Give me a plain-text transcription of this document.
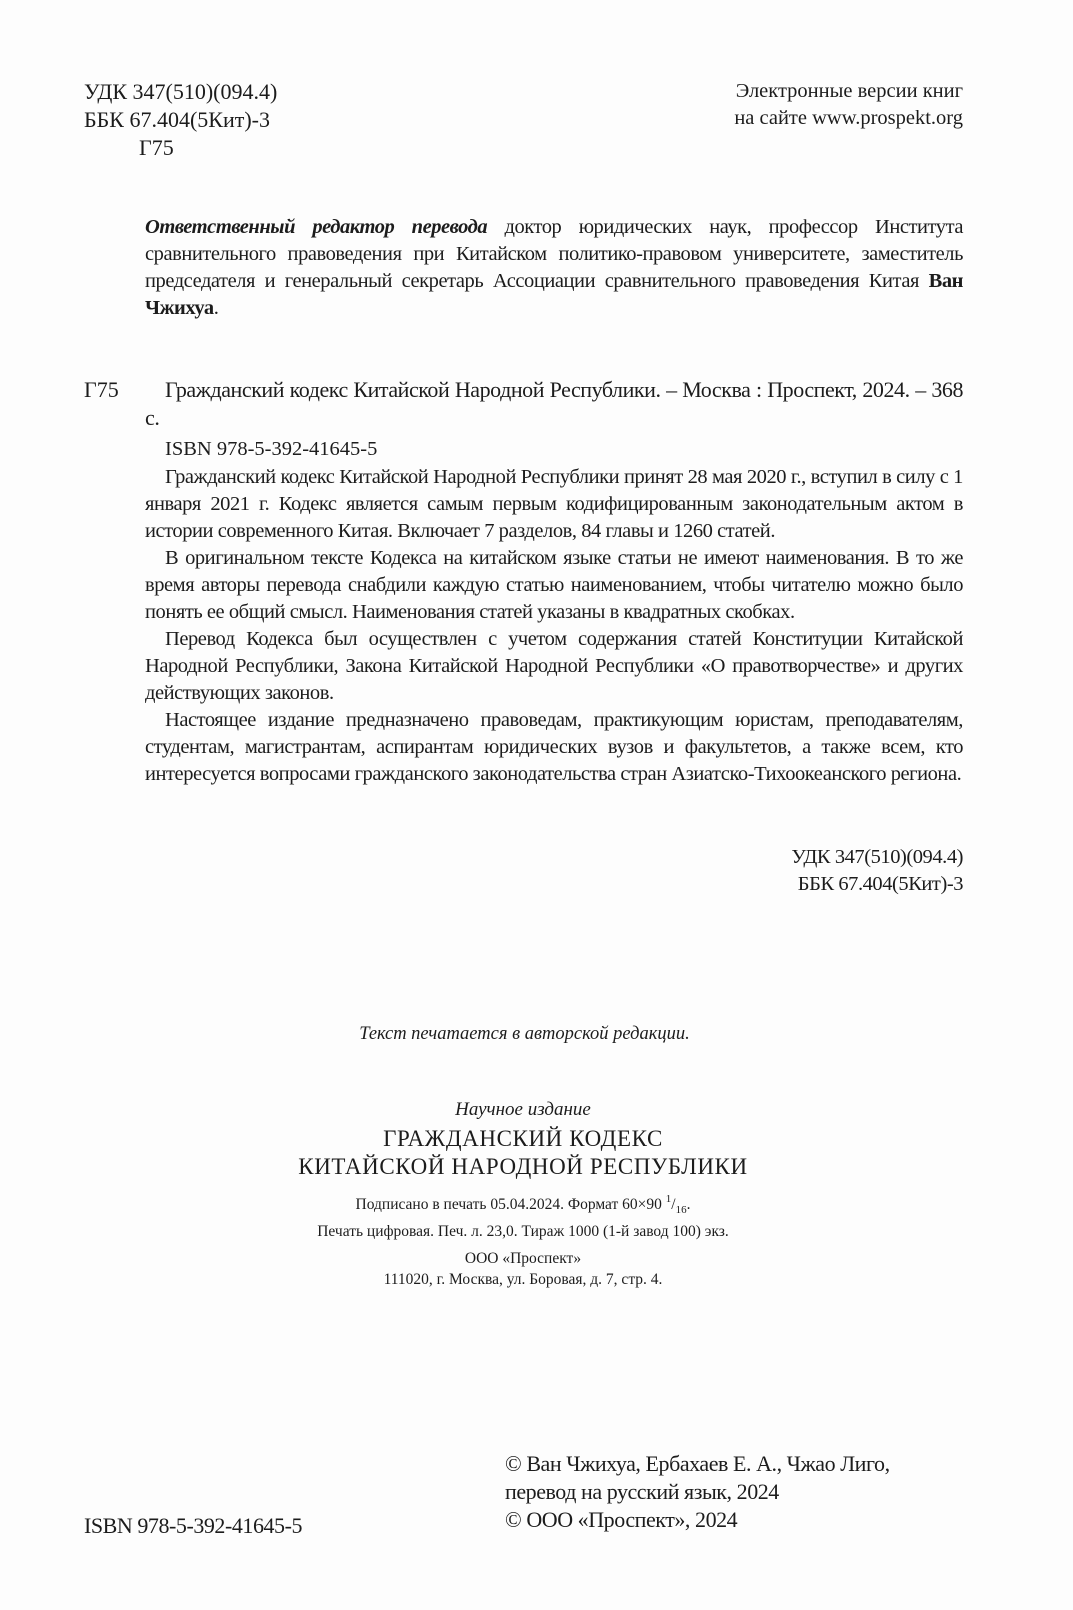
УДК 347(510)(094.4)
ББК 67.404(5Кит)-3
Г75
Электронные версии книг
на сайте www.prospekt.org

Ответственный редактор перевода доктор юридических наук, профессор Института сравнительного правоведения при Китайском политико-правовом университете, заместитель председателя и генеральный секретарь Ассоциации сравнительного правоведения Китая Ван Чжихуа.

Г75	Гражданский кодекс Китайской Народной Республики. – Москва : Проспект, 2024. – 368 с.

ISBN 978-5-392-41645-5

Гражданский кодекс Китайской Народной Республики принят 28 мая 2020 г., вступил в силу с 1 января 2021 г. Кодекс является самым первым кодифицированным законодательным актом в истории современного Китая. Включает 7 разделов, 84 главы и 1260 статей.

В оригинальном тексте Кодекса на китайском языке статьи не имеют наименования. В то же время авторы перевода снабдили каждую статью наименованием, чтобы читателю можно было понять ее общий смысл. Наименования статей указаны в квадратных скобках.

Перевод Кодекса был осуществлен с учетом содержания статей Конституции Китайской Народной Республики, Закона Китайской Народной Республики «О правотворчестве» и других действующих законов.

Настоящее издание предназначено правоведам, практикующим юристам, преподавателям, студентам, магистрантам, аспирантам юридических вузов и факультетов, а также всем, кто интересуется вопросами гражданского законодательства стран Азиатско-Тихоокеанского региона.

УДК 347(510)(094.4)
ББК 67.404(5Кит)-3
Текст печатается в авторской редакции.
Научное издание
ГРАЖДАНСКИЙ КОДЕКС
КИТАЙСКОЙ НАРОДНОЙ РЕСПУБЛИКИ
Подписано в печать 05.04.2024. Формат 60×90 $^1/_{16}$.
Печать цифровая. Печ. л. 23,0. Тираж 1000 (1-й завод 100) экз.
ООО «Проспект»
111020, г. Москва, ул. Боровая, д. 7, стр. 4.
ISBN 978-5-392-41645-5
© Ван Чжихуа, Ербахаев Е. А., Чжао Лиго,
перевод на русский язык, 2024
© ООО «Проспект», 2024
